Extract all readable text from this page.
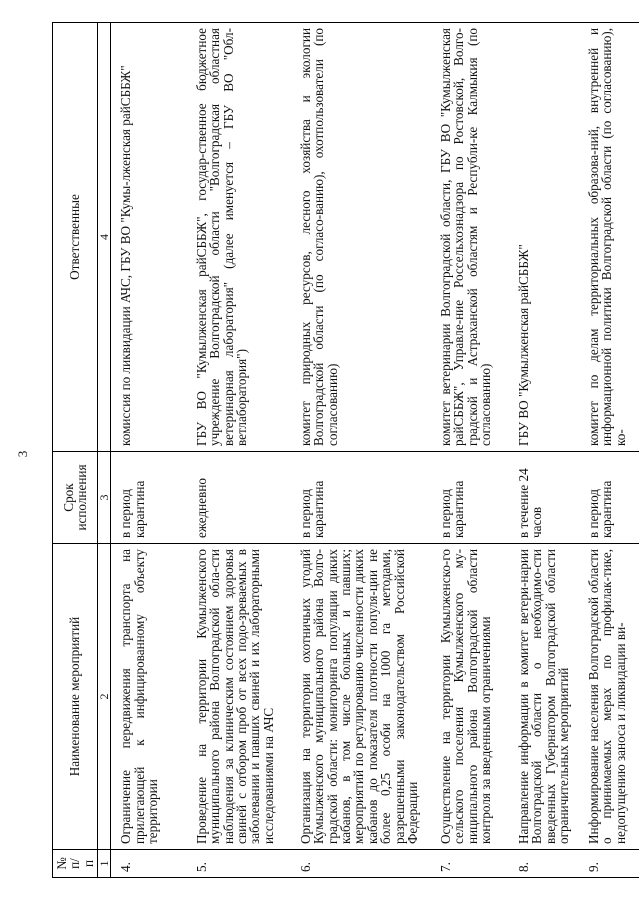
3
№ п/п	Наименование мероприятий	Срок исполнения	Ответственные
1	2	3	4
4.	Ограничение передвижения транспорта на прилегающей к инфицированному объекту территории	в период карантина	комиссия по ликвидации АЧС, ГБУ ВО "Кумы-лженская райСББЖ"
5.	Проведение на территории Кумылженского муниципального района Волгоградской обла-сти наблюдения за клиническим состоянием здоровья свиней с отбором проб от всех подо-зреваемых в заболевании и павших свиней и их лабораторными исследованиями на АЧС	ежедневно	ГБУ ВО "Кумылженская райСББЖ", государ-ственное бюджетное учреждение Волгоградской области "Волгоградская областная ветеринарная лаборатория" (далее именуется – ГБУ ВО "Обл-ветлаборатория")
6.	Организация на территории охотничьих угодий Кумылженского муниципального района Волго-градской области: мониторинга популяции диких кабанов, в том числе больных и павших; мероприятий по регулированию численности диких кабанов до показателя плотности популя-ции не более 0,25 особи на 1000 га методами, разрешенными законодательством Российской Федерации	в период карантина	комитет природных ресурсов, лесного хозяйства и экологии Волгоградской области (по согласо-ванию), охотпользователи (по согласованию)
7.	Осуществление на территории Кумылженско-го сельского поселения Кумылженского му-ниципального района Волгоградской области контроля за введенными ограничениями	в период карантина	комитет ветеринарии Волгоградской области, ГБУ ВО "Кумылженская райСББЖ", Управле-ние Россельхознадзора по Ростовской, Волго-градской и Астраханской областям и Республи-ке Калмыкия (по согласованию)
8.	Направление информации в комитет ветери-нарии Волгоградской области о необходимо-сти введенных Губернатором Волгоградской области ограничительных мероприятий	в течение 24 часов	ГБУ ВО "Кумылженская райСББЖ"
9.	Информирование населения Волгоградской области о принимаемых мерах по профилак-тике, недопущению заноса и ликвидации ви-	в период карантина	комитет по делам территориальных образова-ний, внутренней и информационной политики Волгоградской области (по согласованию), ко-
